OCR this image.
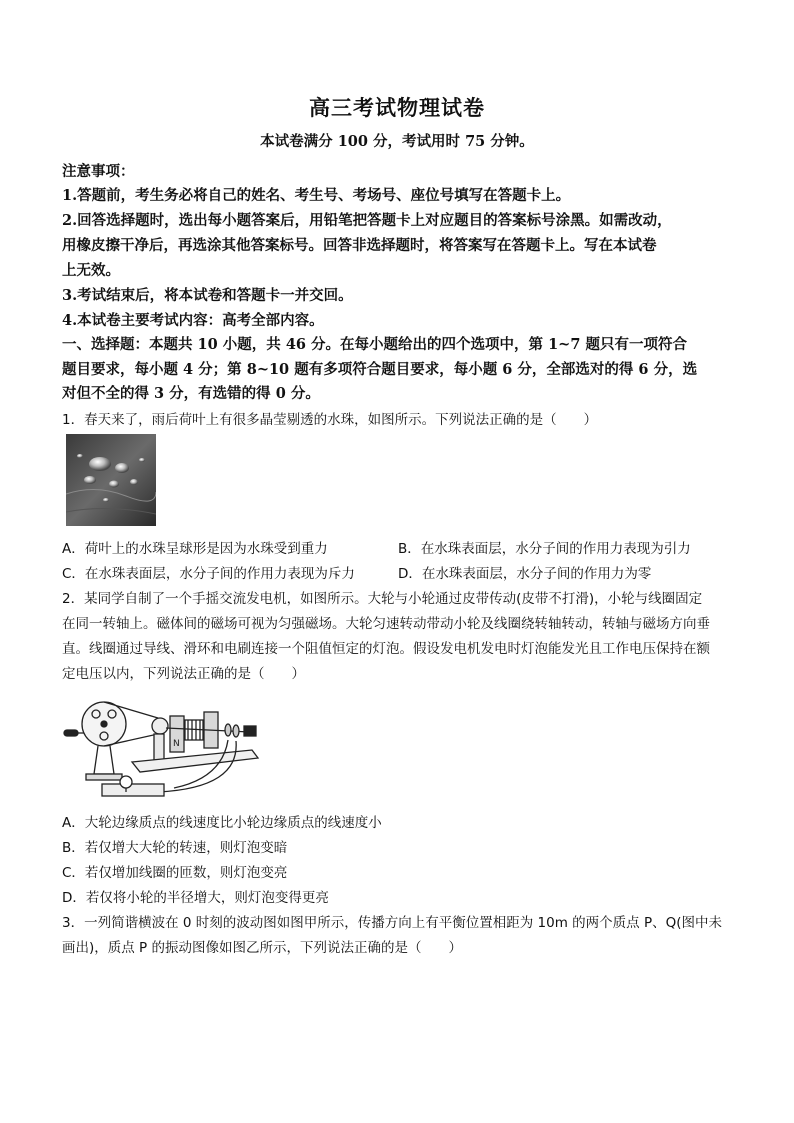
高三考试物理试卷
本试卷满分 100 分，考试用时 75 分钟。
注意事项：
1.答题前，考生务必将自己的姓名、考生号、考场号、座位号填写在答题卡上。
2.回答选择题时，选出每小题答案后，用铅笔把答题卡上对应题目的答案标号涂黑。如需改动，
用橡皮擦干净后，再选涂其他答案标号。回答非选择题时，将答案写在答题卡上。写在本试卷
上无效。
3.考试结束后，将本试卷和答题卡一并交回。
4.本试卷主要考试内容：高考全部内容。
一、选择题：本题共 10 小题，共 46 分。在每小题给出的四个选项中，第 1~7 题只有一项符合
题目要求，每小题 4 分；第 8~10 题有多项符合题目要求，每小题 6 分，全部选对的得 6 分，选
对但不全的得 3 分，有选错的得 0 分。
1．春天来了，雨后荷叶上有很多晶莹剔透的水珠，如图所示。下列说法正确的是（　　）
A．荷叶上的水珠呈球形是因为水珠受到重力	B．在水珠表面层，水分子间的作用力表现为引力
C．在水珠表面层，水分子间的作用力表现为斥力	D．在水珠表面层，水分子间的作用力为零
2．某同学自制了一个手摇交流发电机，如图所示。大轮与小轮通过皮带传动(皮带不打滑)，小轮与线圈固定
在同一转轴上。磁体间的磁场可视为匀强磁场。大轮匀速转动带动小轮及线圈绕转轴转动，转轴与磁场方向垂
直。线圈通过导线、滑环和电刷连接一个阻值恒定的灯泡。假设发电机发电时灯泡能发光且工作电压保持在额
定电压以内，下列说法正确的是（　　）
N
A．大轮边缘质点的线速度比小轮边缘质点的线速度小
B．若仅增大大轮的转速，则灯泡变暗
C．若仅增加线圈的匝数，则灯泡变亮
D．若仅将小轮的半径增大，则灯泡变得更亮
3．一列简谐横波在 0 时刻的波动图如图甲所示，传播方向上有平衡位置相距为 10m 的两个质点 P、Q(图中未
画出)，质点 P 的振动图像如图乙所示，下列说法正确的是（　　）
